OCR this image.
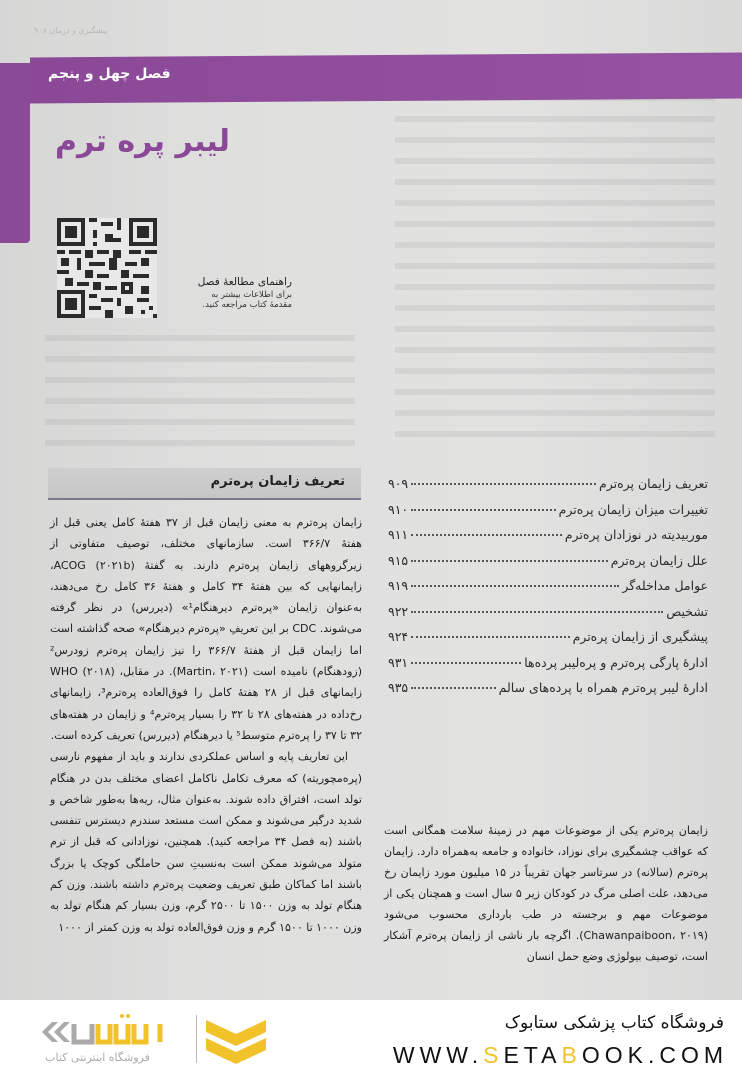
پیشگیری و درمان ۹۰۸
فصل چهل و پنجم
لیبر پره ترم
راهنمای مطالعهٔ فصل
برای اطلاعات بیشتر به
مقدمهٔ کتاب مراجعه کنید.
تعریف زایمان پره‌ترم

زایمان پره‌ترم به معنی زایمان قبل از ۳۷ هفتهٔ کامل یعنی قبل از هفتهٔ ۳۶۶/۷ است. سازمانهای مختلف، توصیف متفاوتی از زیرگروههای زایمان پره‌ترم دارند. به گفتهٔ ACOG (۲۰۲۱b)، زایمانهایی که بین هفتهٔ ۳۴ کامل و هفتهٔ ۳۶ کامل رخ می‌دهند، به‌عنوان زایمان «پره‌ترم دیرهنگام¹» (دیررس) در نظر گرفته می‌شوند. CDC بر این تعریفِ «پره‌ترم دیرهنگام» صحه گذاشته است اما زایمان قبل از هفتهٔ ۳۶۶/۷ را نیز زایمان پره‌ترم زودرس² (زودهنگام) نامیده است (Martin، ۲۰۲۱). در مقابل، WHO (۲۰۱۸) زایمانهای قبل از ۲۸ هفتهٔ کامل را فوق‌العاده پره‌ترم³، زایمانهای رخ‌داده در هفته‌های ۲۸ تا ۳۲ را بسیار پره‌ترم⁴ و زایمان در هفته‌های ۳۲ تا ۳۷ را پره‌ترم متوسط⁵ یا دیرهنگام (دیررس) تعریف کرده است.

این تعاریف پایه و اساس عملکردی ندارند و باید از مفهوم نارسی (پره‌مچوریته) که معرف تکامل ناکامل اعضای مختلف بدن در هنگام تولد است، افتراق داده شوند. به‌عنوان مثال، ریه‌ها به‌طور شاخص و شدید درگیر می‌شوند و ممکن است مستعد سندرم دیسترس تنفسی باشند (به فصل ۳۴ مراجعه کنید). همچنین، نوزادانی که قبل از ترم متولد می‌شوند ممکن است به‌نسبتِ سن حاملگی کوچک یا بزرگ باشند اما کماکان طبق تعریف وضعیت پره‌ترم داشته باشند. وزن کم هنگام تولد به وزن ۱۵۰۰ تا ۲۵۰۰ گرم، وزن بسیار کم هنگام تولد به وزن ۱۰۰۰ تا ۱۵۰۰ گرم و وزن فوق‌العاده تولد به وزن کمتر از ۱۰۰۰

تعریف زایمان پره‌ترم
۹۰۹
تغییرات میزان زایمان پره‌ترم
۹۱۰
موربیدیته در نوزادان پره‌ترم
۹۱۱
علل زایمان پره‌ترم
۹۱۵
عوامل مداخله‌گر
۹۱۹
تشخیص
۹۲۲
پیشگیری از زایمان پره‌ترم
۹۲۴
ادارهٔ پارگی پره‌ترم و پره‌لیبر پرده‌ها
۹۳۱
ادارهٔ لیبر پره‌ترم همراه با پرده‌های سالم
۹۳۵

زایمان پره‌ترم یکی از موضوعات مهم در زمینهٔ سلامت همگانی است که عواقب چشمگیری برای نوزاد، خانواده و جامعه به‌همراه دارد. زایمان پره‌ترم (سالانه) در سرتاسر جهان تقریباً در ۱۵ میلیون مورد زایمان رخ می‌دهد، علت اصلی مرگ در کودکان زیر ۵ سال است و همچنان یکی از موضوعات مهم و برجسته در طب بارداری محسوب می‌شود (Chawanpaiboon، ۲۰۱۹). اگرچه بار ناشی از زایمان پره‌ترم آشکار است، توصیف بیولوژی وضع حمل انسان

فروشگاه اینترنتی کتاب
فروشگاه کتاب پزشکی ستابوک
WWW.SETABOOK.COM
